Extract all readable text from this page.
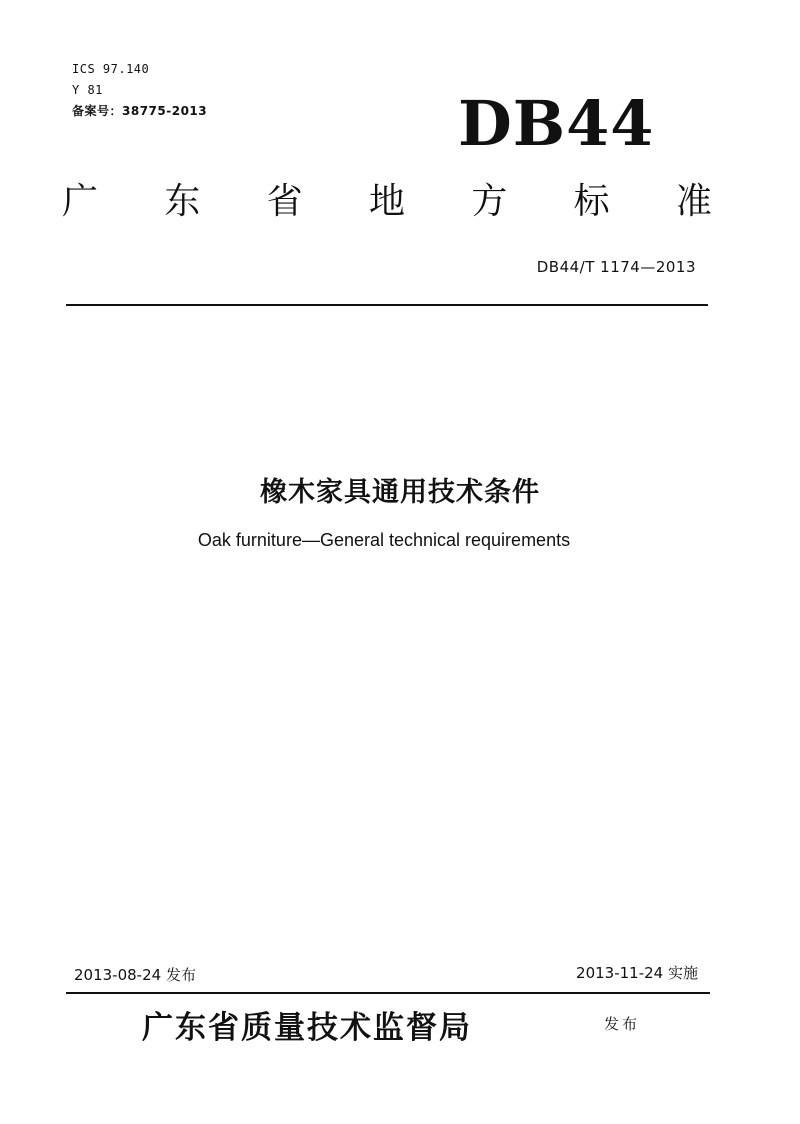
ICS 97.140
Y 81
备案号：38775-2013	DB44
广 东 省 地 方 标 准
DB44/T 1174—2013
橡木家具通用技术条件
Oak furniture—General technical requirements
2013-08-24 发布	2013-11-24 实施
广东省质量技术监督局	发布
